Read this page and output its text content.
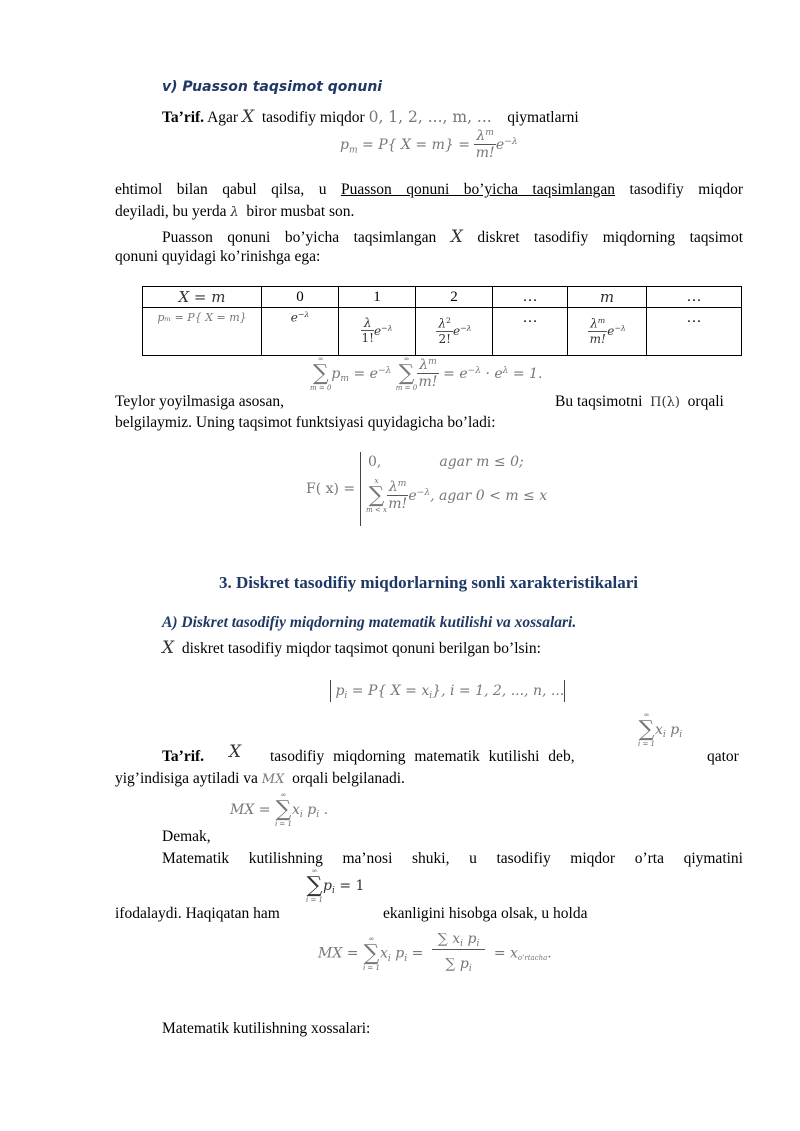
v) Puasson taqsimot qonuni
Ta’rif. Agar X  tasodifiy miqdor 0, 1, 2, ..., m, ...    qiymatlarni
$p_m = P${ $X = m\} = \frac{\lambda^m}{m!} e^{-\lambda}$
ehtimol bilan qabul qilsa, u Puasson qonuni bo’yicha taqsimlangan tasodifiy miqdor
deyiladi, bu yerda λ  biror musbat son.
Puasson qonuni bo’yicha taqsimlangan X diskret tasodifiy miqdorning taqsimot
qonuni quyidagi ko’rinishga ega:
X = m	0	1	2	…	m	…
pₘ = P{ X = m}	$e^{-\lambda}$	$\frac{\lambda}{1!} e^{-\lambda}$	$\frac{\lambda^2}{2!} e^{-\lambda}$	…	$\frac{\lambda^m}{m!} e^{-\lambda}$	…
Teylor yoyilmasiga asosan,
∞
∑
m = 0
$p_m = e^{-\lambda}$
∞
∑
$m = 0 \frac{\lambda^m}{m!} = e^{-\lambda} \cdot e^\lambda = 1$.
Bu taqsimotni  Π(λ)  orqali
belgilaymiz. Uning taqsimot funktsiyasi quyidagicha bo’ladi:
F( x) =
0,	agar m ≤ 0;
x
∑
m < x $\frac{\lambda^m}{m!} e^{-\lambda}$, agar 0 < m ≤ x
3. Diskret tasodifiy miqdorlarning sonli xarakteristikalari
A) Diskret tasodifiy miqdorning matematik kutilishi va xossalari.
X  diskret tasodifiy miqdor taqsimot qonuni berilgan bo’lsin:
$p_i = P${ $X = x_i$}, i = 1, 2, ..., n, ...
Ta’rif. X tasodifiy miqdorning matematik kutilishi deb,
∞
∑
i = 1
$x_i$ $p_i$
qator
yig’indisiga aytiladi va MX  orqali belgilanadi.
MX =
∞
∑
i = 1
$x_i$ $p_i$ .
Demak,
Matematik kutilishning ma’nosi shuki, u tasodifiy miqdor o’rta qiymatini
ifodalaydi. Haqiqatan ham
∞
∑
i = 1
$p_i = 1$
ekanligini hisobga olsak, u holda
MX =
∞
∑
i = 1
$x_i$ $p_i = \frac{\sum x_i p_i}{\sum p_i} = x_{o’rtacha}$.
Matematik kutilishning xossalari:
